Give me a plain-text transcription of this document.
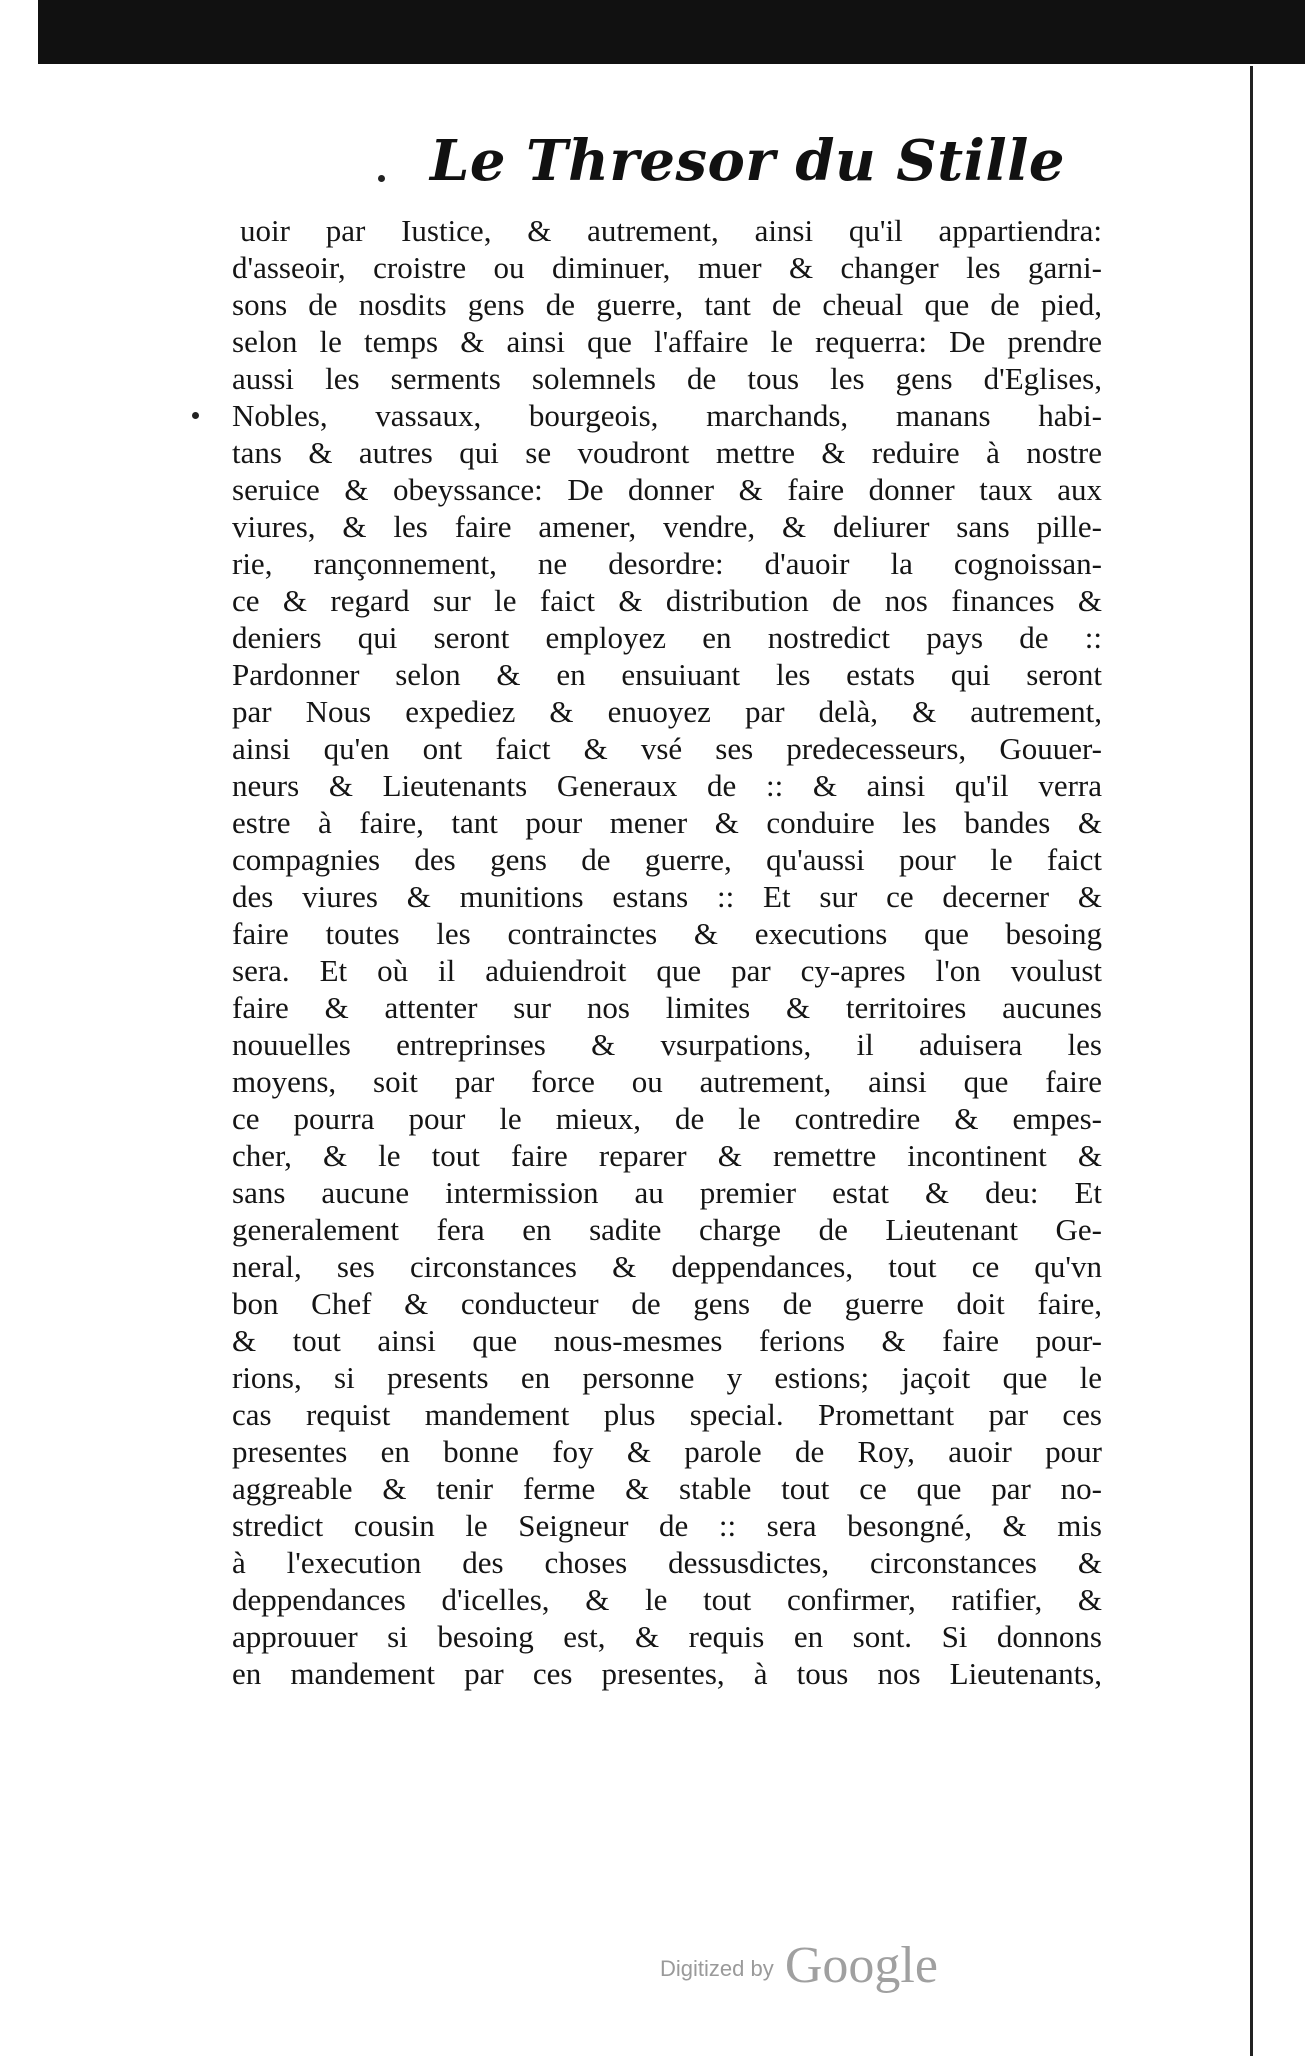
Le Thresor du Stille
uoir par Iustice, & autrement, ainsi qu'il appartiendra:
d'asseoir, croistre ou diminuer, muer & changer les garni-
sons de nosdits gens de guerre, tant de cheual que de pied,
selon le temps & ainsi que l'affaire le requerra: De prendre
aussi les serments solemnels de tous les gens d'Eglises,
Nobles, vassaux, bourgeois, marchands, manans habi-
tans & autres qui se voudront mettre & reduire à nostre
seruice & obeyssance: De donner & faire donner taux aux
viures, & les faire amener, vendre, & deliurer sans pille-
rie, rançonnement, ne desordre: d'auoir la cognoissan-
ce & regard sur le faict & distribution de nos finances &
deniers qui seront employez en nostredict pays de ::
Pardonner selon & en ensuiuant les estats qui seront
par Nous expediez & enuoyez par delà, & autrement,
ainsi qu'en ont faict & vsé ses predecesseurs, Gouuer-
neurs & Lieutenants Generaux de :: & ainsi qu'il verra
estre à faire, tant pour mener & conduire les bandes &
compagnies des gens de guerre, qu'aussi pour le faict
des viures & munitions estans :: Et sur ce decerner &
faire toutes les contrainctes & executions que besoing
sera. Et où il aduiendroit que par cy-apres l'on voulust
faire & attenter sur nos limites & territoires aucunes
nouuelles entreprinses & vsurpations, il aduisera les
moyens, soit par force ou autrement, ainsi que faire
ce pourra pour le mieux, de le contredire & empes-
cher, & le tout faire reparer & remettre incontinent &
sans aucune intermission au premier estat & deu: Et
generalement fera en sadite charge de Lieutenant Ge-
neral, ses circonstances & deppendances, tout ce qu'vn
bon Chef & conducteur de gens de guerre doit faire,
& tout ainsi que nous-mesmes ferions & faire pour-
rions, si presents en personne y estions; jaçoit que le
cas requist mandement plus special. Promettant par ces
presentes en bonne foy & parole de Roy, auoir pour
aggreable & tenir ferme & stable tout ce que par no-
stredict cousin le Seigneur de :: sera besongné, & mis
à l'execution des choses dessusdictes, circonstances &
deppendances d'icelles, & le tout confirmer, ratifier, &
approuuer si besoing est, & requis en sont. Si donnons
en mandement par ces presentes, à tous nos Lieutenants,
Digitized by Google
